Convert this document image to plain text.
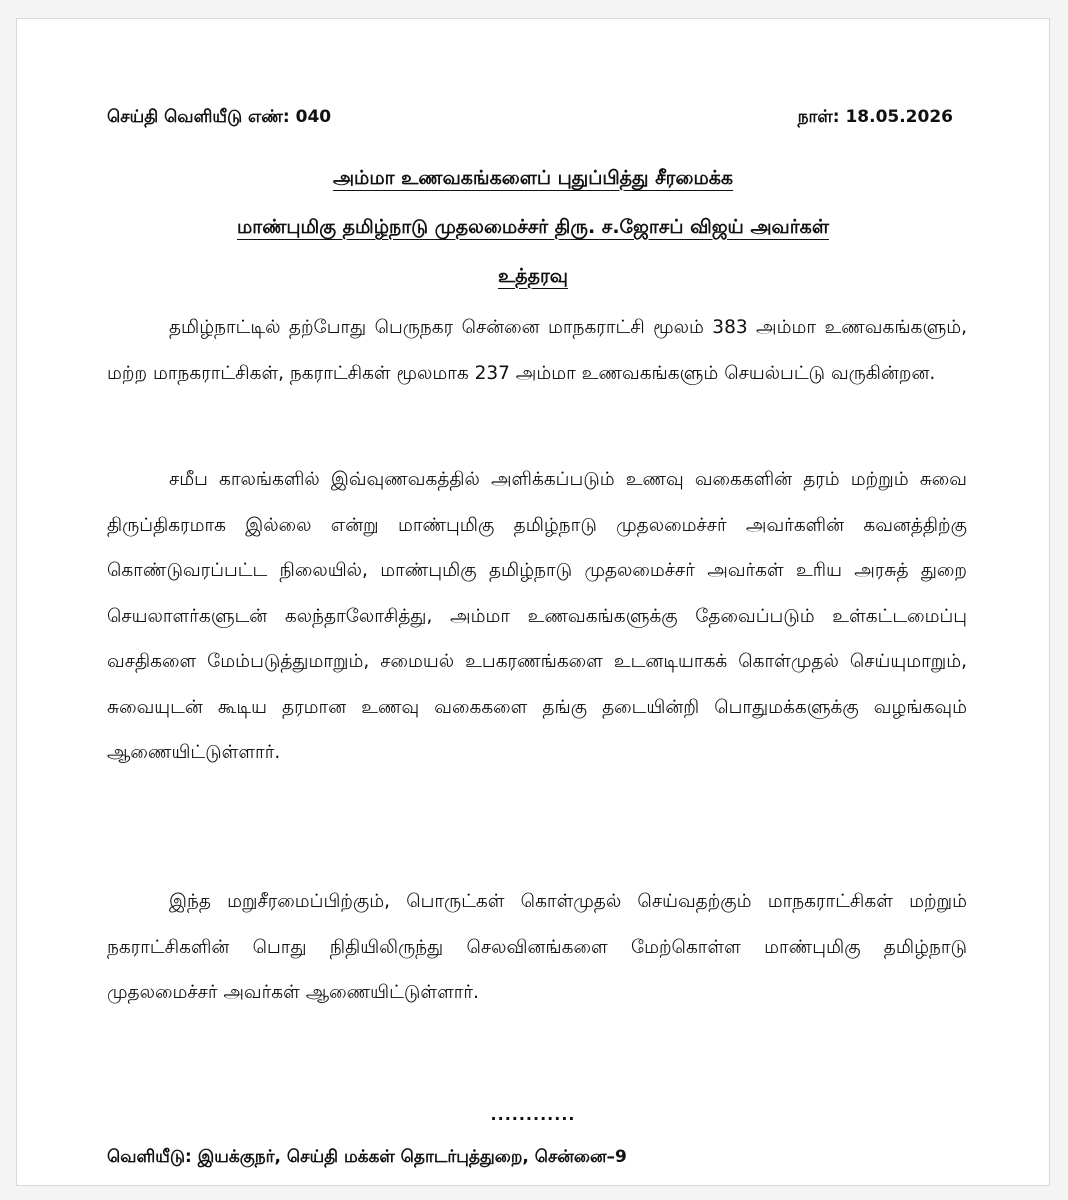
செய்தி வெளியீடு எண்: 040	நாள்: 18.05.2026
அம்மா உணவகங்களைப் புதுப்பித்து சீரமைக்க
மாண்புமிகு தமிழ்நாடு முதலமைச்சர் திரு. ச.ஜோசப் விஜய் அவர்கள்
உத்தரவு

தமிழ்நாட்டில் தற்போது பெருநகர சென்னை மாநகராட்சி மூலம் 383 அம்மா உணவகங்களும், மற்ற மாநகராட்சிகள், நகராட்சிகள் மூலமாக 237 அம்மா உணவகங்களும் செயல்பட்டு வருகின்றன.

சமீப காலங்களில் இவ்வுணவகத்தில் அளிக்கப்படும் உணவு வகைகளின் தரம் மற்றும் சுவை திருப்திகரமாக இல்லை என்று மாண்புமிகு தமிழ்நாடு முதலமைச்சர் அவர்களின் கவனத்திற்கு கொண்டுவரப்பட்ட நிலையில், மாண்புமிகு தமிழ்நாடு முதலமைச்சர் அவர்கள் உரிய அரசுத் துறை செயலாளர்களுடன் கலந்தாலோசித்து, அம்மா உணவகங்களுக்கு தேவைப்படும் உள்கட்டமைப்பு வசதிகளை மேம்படுத்துமாறும், சமையல் உபகரணங்களை உடனடியாகக் கொள்முதல் செய்யுமாறும், சுவையுடன் கூடிய தரமான உணவு வகைகளை தங்கு தடையின்றி பொதுமக்களுக்கு வழங்கவும் ஆணையிட்டுள்ளார்.

இந்த மறுசீரமைப்பிற்கும், பொருட்கள் கொள்முதல் செய்வதற்கும் மாநகராட்சிகள் மற்றும் நகராட்சிகளின் பொது நிதியிலிருந்து செலவினங்களை மேற்கொள்ள மாண்புமிகு தமிழ்நாடு முதலமைச்சர் அவர்கள் ஆணையிட்டுள்ளார்.

............
வெளியீடு: இயக்குநர், செய்தி மக்கள் தொடர்புத்துறை, சென்னை–9
